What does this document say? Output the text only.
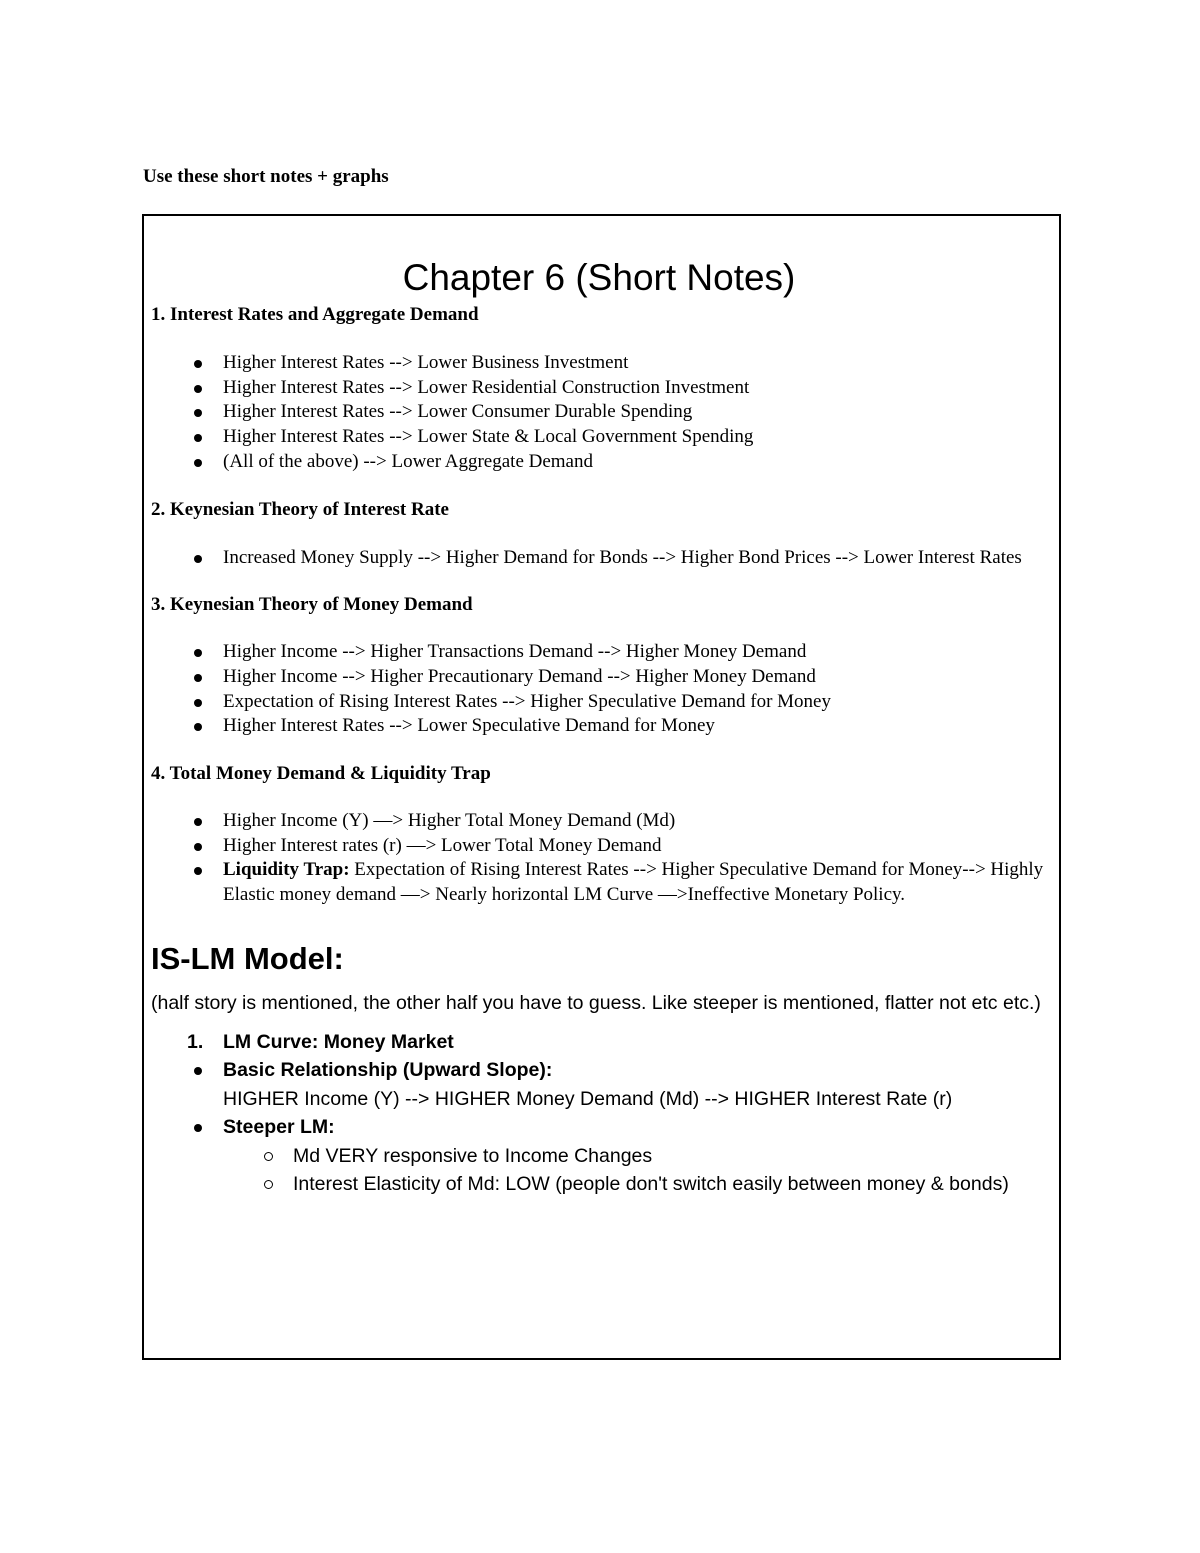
Use these short notes + graphs

Chapter 6 (Short Notes)

1. Interest Rates and Aggregate Demand

Higher Interest Rates --> Lower Business Investment
Higher Interest Rates --> Lower Residential Construction Investment
Higher Interest Rates --> Lower Consumer Durable Spending
Higher Interest Rates --> Lower State & Local Government Spending
(All of the above) --> Lower Aggregate Demand

2. Keynesian Theory of Interest Rate

Increased Money Supply --> Higher Demand for Bonds --> Higher Bond Prices --> Lower Interest Rates

3. Keynesian Theory of Money Demand

Higher Income --> Higher Transactions Demand --> Higher Money Demand
Higher Income --> Higher Precautionary Demand --> Higher Money Demand
Expectation of Rising Interest Rates --> Higher Speculative Demand for Money
Higher Interest Rates --> Lower Speculative Demand for Money

4. Total Money Demand & Liquidity Trap

Higher Income (Y) —> Higher Total Money Demand (Md)
Higher Interest rates (r) —> Lower Total Money Demand
Liquidity Trap: Expectation of Rising Interest Rates --> Higher Speculative Demand for Money--> Highly Elastic money demand —> Nearly horizontal LM Curve —>Ineffective Monetary Policy.
IS-LM Model:

(half story is mentioned, the other half you have to guess. Like steeper is mentioned, flatter not etc etc.)

1. LM Curve: Money Market
Basic Relationship (Upward Slope):
HIGHER Income (Y) --> HIGHER Money Demand (Md) --> HIGHER Interest Rate (r)
Steeper LM:
Md VERY responsive to Income Changes
Interest Elasticity of Md: LOW (people don't switch easily between money & bonds)
